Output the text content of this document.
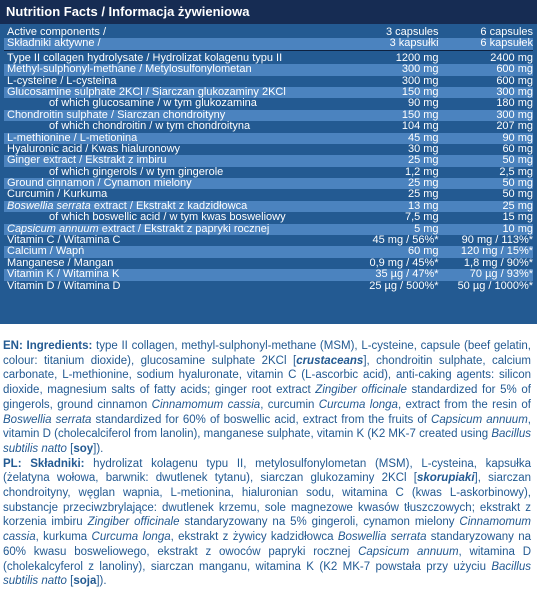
Nutrition Facts / Informacja żywieniowa
Active components /	3 capsules	6 capsules
Składniki aktywne /	3 kapsułki	6 kapsułek
Type II collagen hydrolysate / Hydrolizat kolagenu typu II	1200 mg	2400 mg
Methyl-sulphonyl-methane / Metylosulfonylometan	300 mg	600 mg
L-cysteine / L-cysteina	300 mg	600 mg
Glucosamine sulphate 2KCl / Siarczan glukozaminy 2KCl	150 mg	300 mg
of which glucosamine / w tym glukozamina	90 mg	180 mg
Chondroitin sulphate / Siarczan chondroityny	150 mg	300 mg
of which chondroitin / w tym chondroityna	104 mg	207 mg
L-methionine / L-metionina	45 mg	90 mg
Hyaluronic acid / Kwas hialuronowy	30 mg	60 mg
Ginger extract / Ekstrakt z imbiru	25 mg	50 mg
of which gingerols / w tym gingerole	1,2 mg	2,5 mg
Ground cinnamon / Cynamon mielony	25 mg	50 mg
Curcumin / Kurkuma	25 mg	50 mg
Boswellia serrata extract / Ekstrakt z kadzidłowca	13 mg	25 mg
of which boswellic acid / w tym kwas bosweliowy	7,5 mg	15 mg
Capsicum annuum extract / Ekstrakt z papryki rocznej	5 mg	10 mg
Vitamin C / Witamina C	45 mg / 56%*	90 mg / 113%*
Calcium / Wapń	60 mg	120 mg / 15%*
Manganese / Mangan	0,9 mg / 45%*	1,8 mg / 90%*
Vitamin K / Witamina K	35 µg / 47%*	70 µg / 93%*
Vitamin D / Witamina D	25 µg / 500%*	50 µg / 1000%*

EN: Ingredients: type II collagen, methyl-sulphonyl-methane (MSM), L-cysteine, capsule (beef gelatin, colour: titanium dioxide), glucosamine sulphate 2KCl [crustaceans], chondroitin sulphate, calcium carbonate, L-methionine, sodium hyaluronate, vitamin C (L-ascorbic acid), anti-caking agents: silicon dioxide, magnesium salts of fatty acids; ginger root extract Zingiber officinale standardized for 5% of gingerols, ground cinnamon Cinnamomum cassia, curcumin Curcuma longa, extract from the resin of Boswellia serrata standardized for 60% of boswellic acid, extract from the fruits of Capsicum annuum, vitamin D (cholecalciferol from lanolin), manganese sulphate, vitamin K (K2 MK-7 created using Bacillus subtilis natto [soy]).

PL: Składniki: hydrolizat kolagenu typu II, metylosulfonylometan (MSM), L-cysteina, kapsułka (żelatyna wołowa, barwnik: dwutlenek tytanu), siarczan glukozaminy 2KCl [skorupiaki], siarczan chondroityny, węglan wapnia, L-metionina, hialuronian sodu, witamina C (kwas L-askorbinowy), substancje przeciwzbrylające: dwutlenek krzemu, sole magnezowe kwasów tłuszczowych; ekstrakt z korzenia imbiru Zingiber officinale standaryzowany na 5% gingeroli, cynamon mielony Cinnamomum cassia, kurkuma Curcuma longa, ekstrakt z żywicy kadzidłowca Boswellia serrata standaryzowany na 60% kwasu bosweliowego, ekstrakt z owoców papryki rocznej Capsicum annuum, witamina D (cholekalcyferol z lanoliny), siarczan manganu, witamina K (K2 MK-7 powstała przy użyciu Bacillus subtilis natto [soja]).
